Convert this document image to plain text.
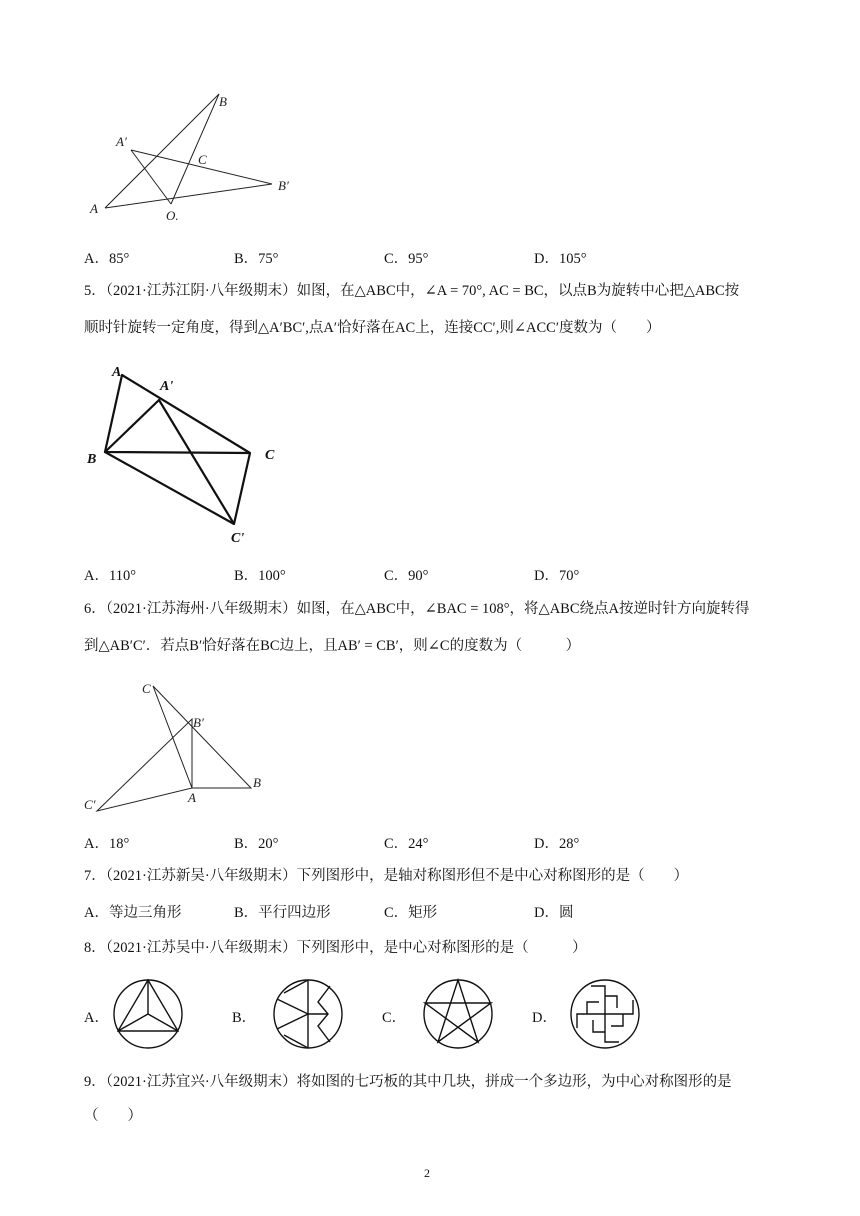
B
A′
C
B′
A	O.
A．85°	B．75°	C．95°	D．105°
5．（2021·江苏江阴·八年级期末）如图，在△ABC中，∠A = 70°, AC = BC，以点B为旋转中心把△ABC按
顺时针旋转一定角度，得到△A′BC′,点A′恰好落在AC上，连接CC′,则∠ACC′度数为（　　）
A
A'
B	C
C'
A．110°	B．100°	C．90°	D．70°
6．（2021·江苏海州·八年级期末）如图，在△ABC中，∠BAC = 108°，将△ABC绕点A按逆时针方向旋转得
到△AB′C′．若点B′恰好落在BC边上，且AB′ = CB′，则∠C的度数为（　　　）
C
B′
B
A
C′
A．18°	B．20°	C．24°	D．28°
7．（2021·江苏新吴·八年级期末）下列图形中，是轴对称图形但不是中心对称图形的是（　　）
A．等边三角形	B．平行四边形	C．矩形	D．圆
8．（2021·江苏吴中·八年级期末）下列图形中，是中心对称图形的是（　　　）
A．	B．	C．	D．
9．（2021·江苏宜兴·八年级期末）将如图的七巧板的其中几块，拼成一个多边形，为中心对称图形的是
（　　）
2
